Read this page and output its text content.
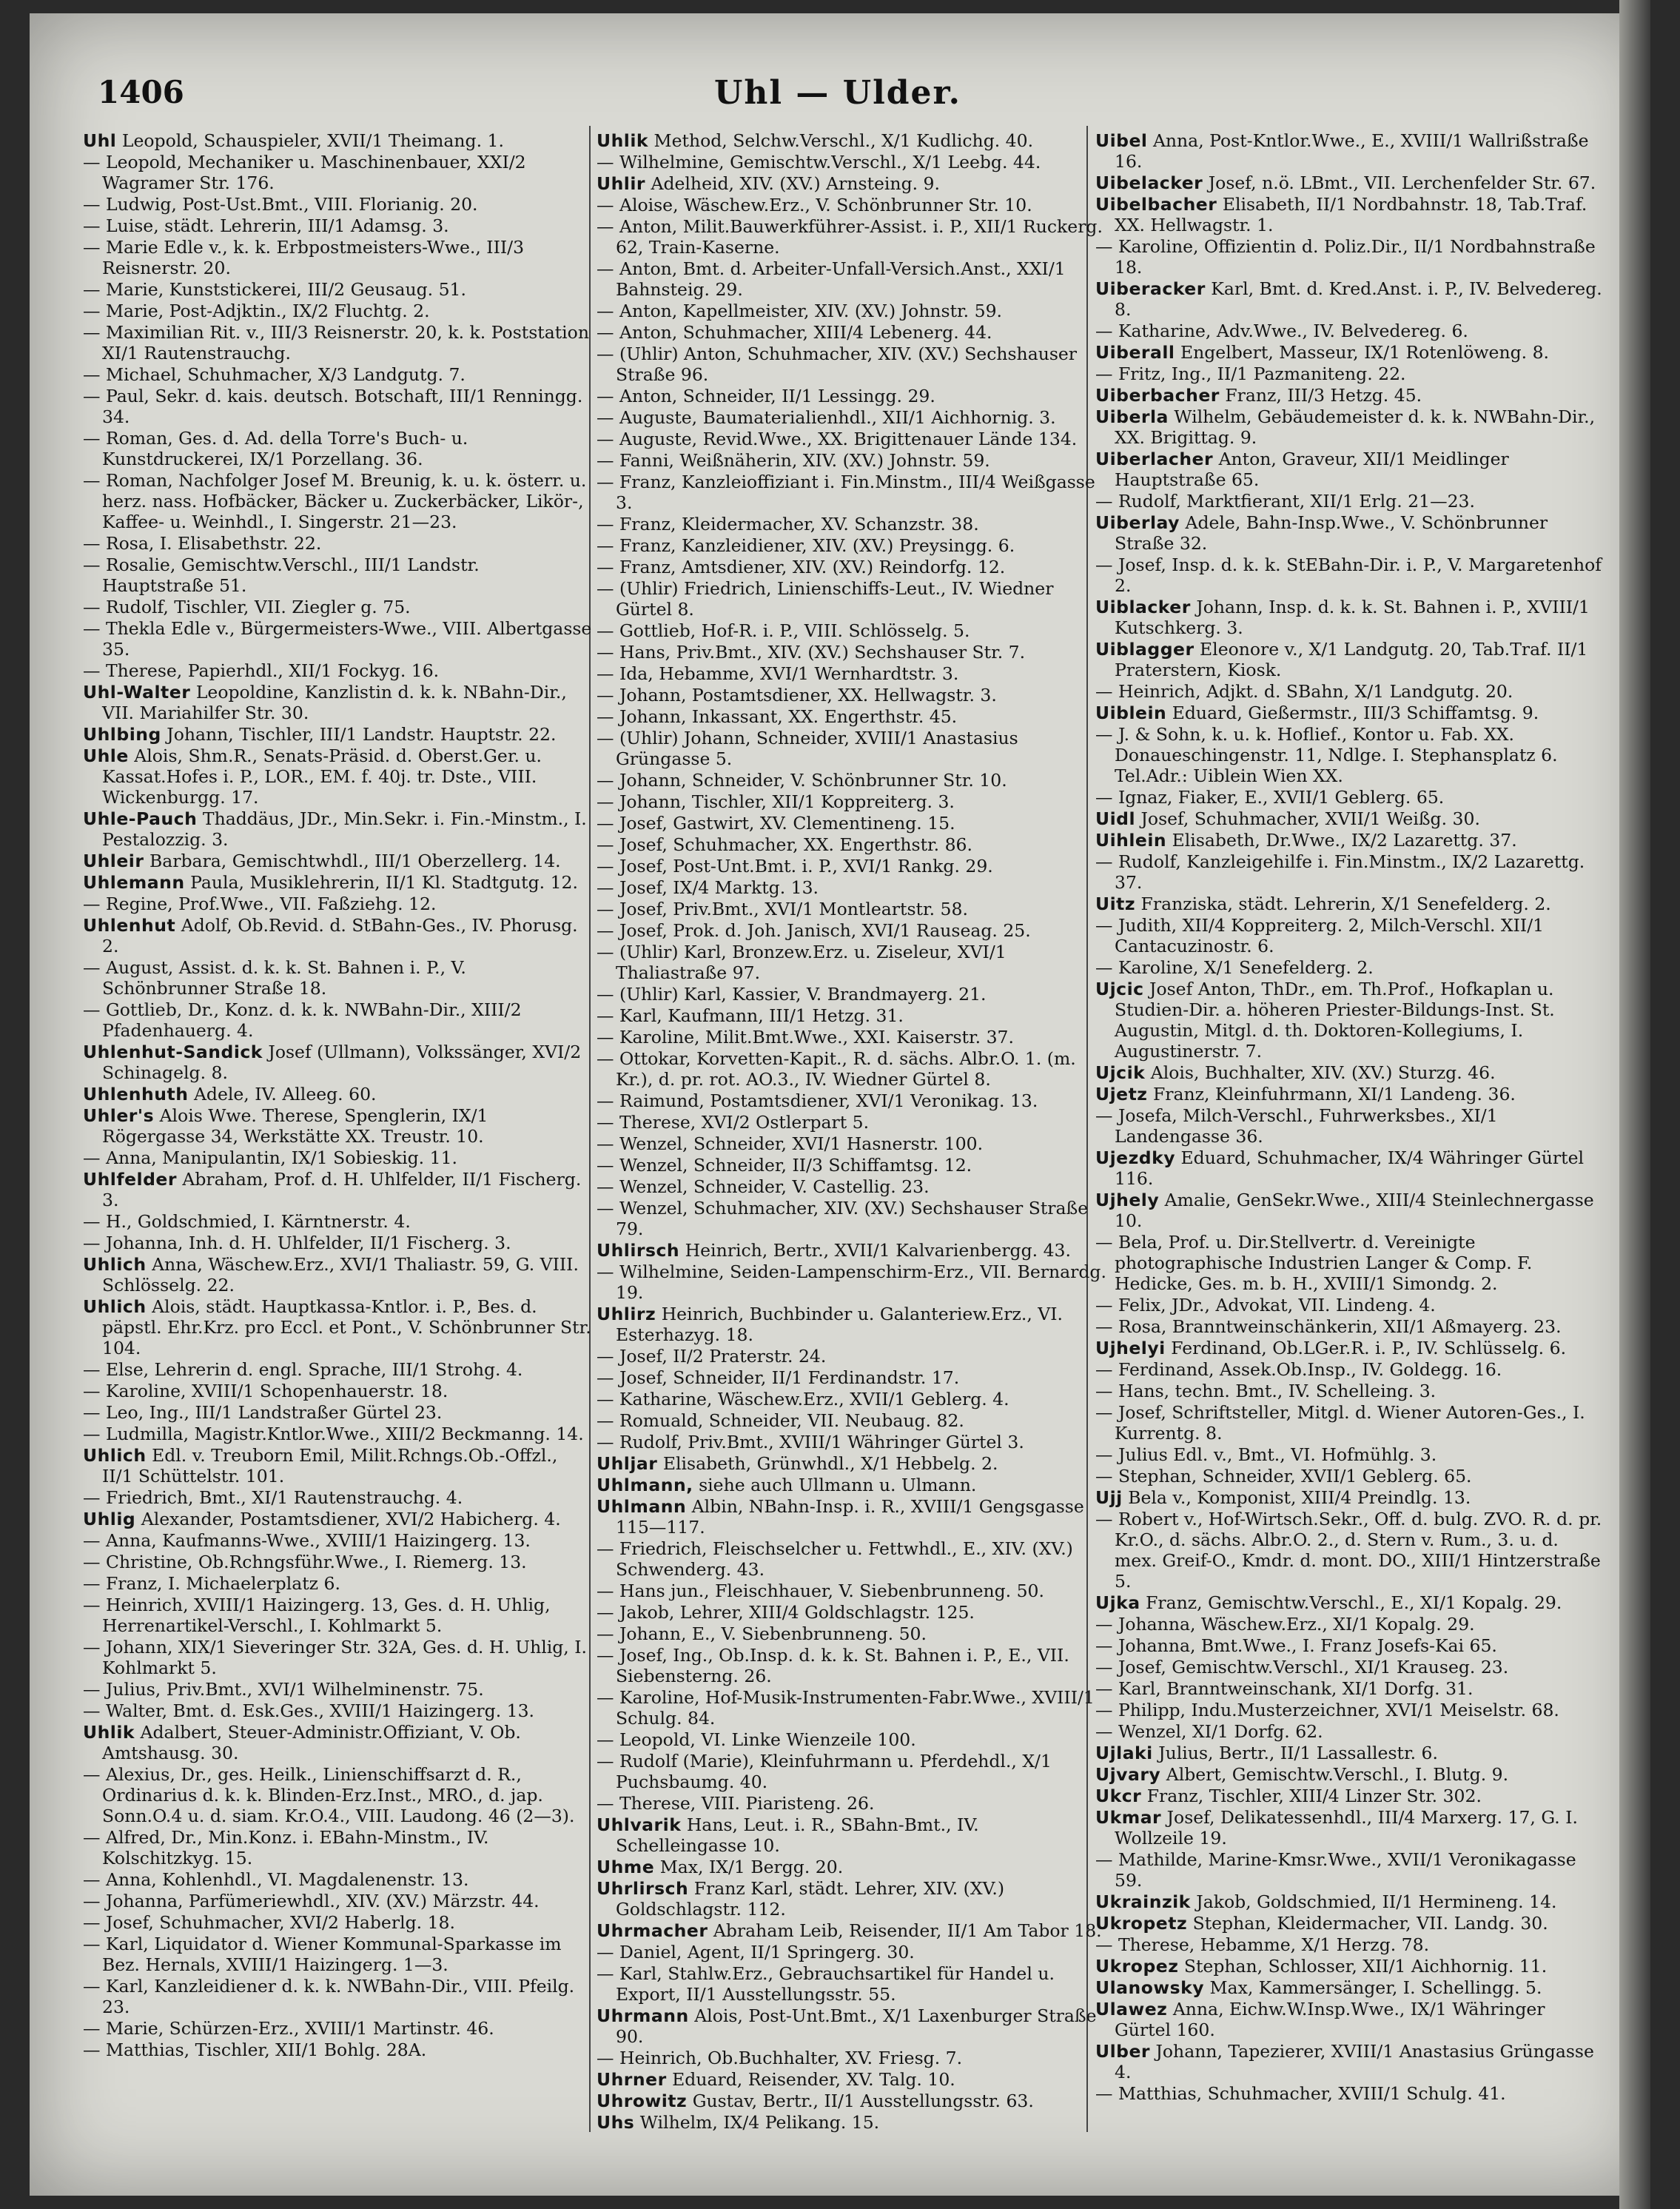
1406	Uhl — Ulder.
Uhl Leopold, Schauspieler, XVII/1 Theimang. 1.
— Leopold, Mechaniker u. Maschinenbauer, XXI/2 Wagramer Str. 176.
— Ludwig, Post-Ust.Bmt., VIII. Florianig. 20.
— Luise, städt. Lehrerin, III/1 Adamsg. 3.
— Marie Edle v., k. k. Erbpostmeisters-Wwe., III/3 Reisnerstr. 20.
— Marie, Kunststickerei, III/2 Geusaug. 51.
— Marie, Post-Adjktin., IX/2 Fluchtg. 2.
— Maximilian Rit. v., III/3 Reisnerstr. 20, k. k. Poststation XI/1 Rautenstrauchg.
— Michael, Schuhmacher, X/3 Landgutg. 7.
— Paul, Sekr. d. kais. deutsch. Botschaft, III/1 Renningg. 34.
— Roman, Ges. d. Ad. della Torre's Buch- u. Kunstdruckerei, IX/1 Porzellang. 36.
— Roman, Nachfolger Josef M. Breunig, k. u. k. österr. u. herz. nass. Hofbäcker, Bäcker u. Zuckerbäcker, Likör-, Kaffee- u. Weinhdl., I. Singerstr. 21—23.
— Rosa, I. Elisabethstr. 22.
— Rosalie, Gemischtw.Verschl., III/1 Landstr. Hauptstraße 51.
— Rudolf, Tischler, VII. Ziegler g. 75.
— Thekla Edle v., Bürgermeisters-Wwe., VIII. Albertgasse 35.
— Therese, Papierhdl., XII/1 Fockyg. 16.
Uhl-Walter Leopoldine, Kanzlistin d. k. k. NBahn-Dir., VII. Mariahilfer Str. 30.
Uhlbing Johann, Tischler, III/1 Landstr. Hauptstr. 22.
Uhle Alois, Shm.R., Senats-Präsid. d. Oberst.Ger. u. Kassat.Hofes i. P., LOR., EM. f. 40j. tr. Dste., VIII. Wickenburgg. 17.
Uhle-Pauch Thaddäus, JDr., Min.Sekr. i. Fin.-Minstm., I. Pestalozzig. 3.
Uhleir Barbara, Gemischtwhdl., III/1 Oberzellerg. 14.
Uhlemann Paula, Musiklehrerin, II/1 Kl. Stadtgutg. 12.
— Regine, Prof.Wwe., VII. Faßziehg. 12.
Uhlenhut Adolf, Ob.Revid. d. StBahn-Ges., IV. Phorusg. 2.
— August, Assist. d. k. k. St. Bahnen i. P., V. Schönbrunner Straße 18.
— Gottlieb, Dr., Konz. d. k. k. NWBahn-Dir., XIII/2 Pfadenhauerg. 4.
Uhlenhut-Sandick Josef (Ullmann), Volkssänger, XVI/2 Schinagelg. 8.
Uhlenhuth Adele, IV. Alleeg. 60.
Uhler's Alois Wwe. Therese, Spenglerin, IX/1 Rögergasse 34, Werkstätte XX. Treustr. 10.
— Anna, Manipulantin, IX/1 Sobieskig. 11.
Uhlfelder Abraham, Prof. d. H. Uhlfelder, II/1 Fischerg. 3.
— H., Goldschmied, I. Kärntnerstr. 4.
— Johanna, Inh. d. H. Uhlfelder, II/1 Fischerg. 3.
Uhlich Anna, Wäschew.Erz., XVI/1 Thaliastr. 59, G. VIII. Schlösselg. 22.
Uhlich Alois, städt. Hauptkassa-Kntlor. i. P., Bes. d. päpstl. Ehr.Krz. pro Eccl. et Pont., V. Schönbrunner Str. 104.
— Else, Lehrerin d. engl. Sprache, III/1 Strohg. 4.
— Karoline, XVIII/1 Schopenhauerstr. 18.
— Leo, Ing., III/1 Landstraßer Gürtel 23.
— Ludmilla, Magistr.Kntlor.Wwe., XIII/2 Beckmanng. 14.
Uhlich Edl. v. Treuborn Emil, Milit.Rchngs.Ob.-Offzl., II/1 Schüttelstr. 101.
— Friedrich, Bmt., XI/1 Rautenstrauchg. 4.
Uhlig Alexander, Postamtsdiener, XVI/2 Habicherg. 4.
— Anna, Kaufmanns-Wwe., XVIII/1 Haizingerg. 13.
— Christine, Ob.Rchngsführ.Wwe., I. Riemerg. 13.
— Franz, I. Michaelerplatz 6.
— Heinrich, XVIII/1 Haizingerg. 13, Ges. d. H. Uhlig, Herrenartikel-Verschl., I. Kohlmarkt 5.
— Johann, XIX/1 Sieveringer Str. 32A, Ges. d. H. Uhlig, I. Kohlmarkt 5.
— Julius, Priv.Bmt., XVI/1 Wilhelminenstr. 75.
— Walter, Bmt. d. Esk.Ges., XVIII/1 Haizingerg. 13.
Uhlik Adalbert, Steuer-Administr.Offiziant, V. Ob. Amtshausg. 30.
— Alexius, Dr., ges. Heilk., Linienschiffsarzt d. R., Ordinarius d. k. k. Blinden-Erz.Inst., MRO., d. jap. Sonn.O.4 u. d. siam. Kr.O.4., VIII. Laudong. 46 (2—3).
— Alfred, Dr., Min.Konz. i. EBahn-Minstm., IV. Kolschitzkyg. 15.
— Anna, Kohlenhdl., VI. Magdalenenstr. 13.
— Johanna, Parfümeriewhdl., XIV. (XV.) Märzstr. 44.
— Josef, Schuhmacher, XVI/2 Haberlg. 18.
— Karl, Liquidator d. Wiener Kommunal-Sparkasse im Bez. Hernals, XVIII/1 Haizingerg. 1—3.
— Karl, Kanzleidiener d. k. k. NWBahn-Dir., VIII. Pfeilg. 23.
— Marie, Schürzen-Erz., XVIII/1 Martinstr. 46.
— Matthias, Tischler, XII/1 Bohlg. 28A.
Uhlik Method, Selchw.Verschl., X/1 Kudlichg. 40.
— Wilhelmine, Gemischtw.Verschl., X/1 Leebg. 44.
Uhlir Adelheid, XIV. (XV.) Arnsteing. 9.
— Aloise, Wäschew.Erz., V. Schönbrunner Str. 10.
— Anton, Milit.Bauwerkführer-Assist. i. P., XII/1 Ruckerg. 62, Train-Kaserne.
— Anton, Bmt. d. Arbeiter-Unfall-Versich.Anst., XXI/1 Bahnsteig. 29.
— Anton, Kapellmeister, XIV. (XV.) Johnstr. 59.
— Anton, Schuhmacher, XIII/4 Lebenerg. 44.
— (Uhlir) Anton, Schuhmacher, XIV. (XV.) Sechshauser Straße 96.
— Anton, Schneider, II/1 Lessingg. 29.
— Auguste, Baumaterialienhdl., XII/1 Aichhornig. 3.
— Auguste, Revid.Wwe., XX. Brigittenauer Lände 134.
— Fanni, Weißnäherin, XIV. (XV.) Johnstr. 59.
— Franz, Kanzleioffiziant i. Fin.Minstm., III/4 Weißgasse 3.
— Franz, Kleidermacher, XV. Schanzstr. 38.
— Franz, Kanzleidiener, XIV. (XV.) Preysingg. 6.
— Franz, Amtsdiener, XIV. (XV.) Reindorfg. 12.
— (Uhlir) Friedrich, Linienschiffs-Leut., IV. Wiedner Gürtel 8.
— Gottlieb, Hof-R. i. P., VIII. Schlösselg. 5.
— Hans, Priv.Bmt., XIV. (XV.) Sechshauser Str. 7.
— Ida, Hebamme, XVI/1 Wernhardtstr. 3.
— Johann, Postamtsdiener, XX. Hellwagstr. 3.
— Johann, Inkassant, XX. Engerthstr. 45.
— (Uhlir) Johann, Schneider, XVIII/1 Anastasius Grüngasse 5.
— Johann, Schneider, V. Schönbrunner Str. 10.
— Johann, Tischler, XII/1 Koppreiterg. 3.
— Josef, Gastwirt, XV. Clementineng. 15.
— Josef, Schuhmacher, XX. Engerthstr. 86.
— Josef, Post-Unt.Bmt. i. P., XVI/1 Rankg. 29.
— Josef, IX/4 Marktg. 13.
— Josef, Priv.Bmt., XVI/1 Montleartstr. 58.
— Josef, Prok. d. Joh. Janisch, XVI/1 Rauseag. 25.
— (Uhlir) Karl, Bronzew.Erz. u. Ziseleur, XVI/1 Thaliastraße 97.
— (Uhlir) Karl, Kassier, V. Brandmayerg. 21.
— Karl, Kaufmann, III/1 Hetzg. 31.
— Karoline, Milit.Bmt.Wwe., XXI. Kaiserstr. 37.
— Ottokar, Korvetten-Kapit., R. d. sächs. Albr.O. 1. (m. Kr.), d. pr. rot. AO.3., IV. Wiedner Gürtel 8.
— Raimund, Postamtsdiener, XVI/1 Veronikag. 13.
— Therese, XVI/2 Ostlerpart 5.
— Wenzel, Schneider, XVI/1 Hasnerstr. 100.
— Wenzel, Schneider, II/3 Schiffamtsg. 12.
— Wenzel, Schneider, V. Castellig. 23.
— Wenzel, Schuhmacher, XIV. (XV.) Sechshauser Straße 79.
Uhlirsch Heinrich, Bertr., XVII/1 Kalvarienbergg. 43.
— Wilhelmine, Seiden-Lampenschirm-Erz., VII. Bernardg. 19.
Uhlirz Heinrich, Buchbinder u. Galanteriew.Erz., VI. Esterhazyg. 18.
— Josef, II/2 Praterstr. 24.
— Josef, Schneider, II/1 Ferdinandstr. 17.
— Katharine, Wäschew.Erz., XVII/1 Geblerg. 4.
— Romuald, Schneider, VII. Neubaug. 82.
— Rudolf, Priv.Bmt., XVIII/1 Währinger Gürtel 3.
Uhljar Elisabeth, Grünwhdl., X/1 Hebbelg. 2.
Uhlmann, siehe auch Ullmann u. Ulmann.
Uhlmann Albin, NBahn-Insp. i. R., XVIII/1 Gengsgasse 115—117.
— Friedrich, Fleischselcher u. Fettwhdl., E., XIV. (XV.) Schwenderg. 43.
— Hans jun., Fleischhauer, V. Siebenbrunneng. 50.
— Jakob, Lehrer, XIII/4 Goldschlagstr. 125.
— Johann, E., V. Siebenbrunneng. 50.
— Josef, Ing., Ob.Insp. d. k. k. St. Bahnen i. P., E., VII. Siebensterng. 26.
— Karoline, Hof-Musik-Instrumenten-Fabr.Wwe., XVIII/1 Schulg. 84.
— Leopold, VI. Linke Wienzeile 100.
— Rudolf (Marie), Kleinfuhrmann u. Pferdehdl., X/1 Puchsbaumg. 40.
— Therese, VIII. Piaristeng. 26.
Uhlvarik Hans, Leut. i. R., SBahn-Bmt., IV. Schelleingasse 10.
Uhme Max, IX/1 Bergg. 20.
Uhrlirsch Franz Karl, städt. Lehrer, XIV. (XV.) Goldschlagstr. 112.
Uhrmacher Abraham Leib, Reisender, II/1 Am Tabor 18.
— Daniel, Agent, II/1 Springerg. 30.
— Karl, Stahlw.Erz., Gebrauchsartikel für Handel u. Export, II/1 Ausstellungsstr. 55.
Uhrmann Alois, Post-Unt.Bmt., X/1 Laxenburger Straße 90.
— Heinrich, Ob.Buchhalter, XV. Friesg. 7.
Uhrner Eduard, Reisender, XV. Talg. 10.
Uhrowitz Gustav, Bertr., II/1 Ausstellungsstr. 63.
Uhs Wilhelm, IX/4 Pelikang. 15.
Uibel Anna, Post-Kntlor.Wwe., E., XVIII/1 Wallrißstraße 16.
Uibelacker Josef, n.ö. LBmt., VII. Lerchenfelder Str. 67.
Uibelbacher Elisabeth, II/1 Nordbahnstr. 18, Tab.Traf. XX. Hellwagstr. 1.
— Karoline, Offizientin d. Poliz.Dir., II/1 Nordbahnstraße 18.
Uiberacker Karl, Bmt. d. Kred.Anst. i. P., IV. Belvedereg. 8.
— Katharine, Adv.Wwe., IV. Belvedereg. 6.
Uiberall Engelbert, Masseur, IX/1 Rotenlöweng. 8.
— Fritz, Ing., II/1 Pazmaniteng. 22.
Uiberbacher Franz, III/3 Hetzg. 45.
Uiberla Wilhelm, Gebäudemeister d. k. k. NWBahn-Dir., XX. Brigittag. 9.
Uiberlacher Anton, Graveur, XII/1 Meidlinger Hauptstraße 65.
— Rudolf, Marktfierant, XII/1 Erlg. 21—23.
Uiberlay Adele, Bahn-Insp.Wwe., V. Schönbrunner Straße 32.
— Josef, Insp. d. k. k. StEBahn-Dir. i. P., V. Margaretenhof 2.
Uiblacker Johann, Insp. d. k. k. St. Bahnen i. P., XVIII/1 Kutschkerg. 3.
Uiblagger Eleonore v., X/1 Landgutg. 20, Tab.Traf. II/1 Praterstern, Kiosk.
— Heinrich, Adjkt. d. SBahn, X/1 Landgutg. 20.
Uiblein Eduard, Gießermstr., III/3 Schiffamtsg. 9.
— J. & Sohn, k. u. k. Hoflief., Kontor u. Fab. XX. Donaueschingenstr. 11, Ndlge. I. Stephansplatz 6. Tel.Adr.: Uiblein Wien XX.
— Ignaz, Fiaker, E., XVII/1 Geblerg. 65.
Uidl Josef, Schuhmacher, XVII/1 Weißg. 30.
Uihlein Elisabeth, Dr.Wwe., IX/2 Lazarettg. 37.
— Rudolf, Kanzleigehilfe i. Fin.Minstm., IX/2 Lazarettg. 37.
Uitz Franziska, städt. Lehrerin, X/1 Senefelderg. 2.
— Judith, XII/4 Koppreiterg. 2, Milch-Verschl. XII/1 Cantacuzinostr. 6.
— Karoline, X/1 Senefelderg. 2.
Ujcic Josef Anton, ThDr., em. Th.Prof., Hofkaplan u. Studien-Dir. a. höheren Priester-Bildungs-Inst. St. Augustin, Mitgl. d. th. Doktoren-Kollegiums, I. Augustinerstr. 7.
Ujcik Alois, Buchhalter, XIV. (XV.) Sturzg. 46.
Ujetz Franz, Kleinfuhrmann, XI/1 Landeng. 36.
— Josefa, Milch-Verschl., Fuhrwerksbes., XI/1 Landengasse 36.
Ujezdky Eduard, Schuhmacher, IX/4 Währinger Gürtel 116.
Ujhely Amalie, GenSekr.Wwe., XIII/4 Steinlechnergasse 10.
— Bela, Prof. u. Dir.Stellvertr. d. Vereinigte photographische Industrien Langer & Comp. F. Hedicke, Ges. m. b. H., XVIII/1 Simondg. 2.
— Felix, JDr., Advokat, VII. Lindeng. 4.
— Rosa, Branntweinschänkerin, XII/1 Aßmayerg. 23.
Ujhelyi Ferdinand, Ob.LGer.R. i. P., IV. Schlüsselg. 6.
— Ferdinand, Assek.Ob.Insp., IV. Goldegg. 16.
— Hans, techn. Bmt., IV. Schelleing. 3.
— Josef, Schriftsteller, Mitgl. d. Wiener Autoren-Ges., I. Kurrentg. 8.
— Julius Edl. v., Bmt., VI. Hofmühlg. 3.
— Stephan, Schneider, XVII/1 Geblerg. 65.
Ujj Bela v., Komponist, XIII/4 Preindlg. 13.
— Robert v., Hof-Wirtsch.Sekr., Off. d. bulg. ZVO. R. d. pr. Kr.O., d. sächs. Albr.O. 2., d. Stern v. Rum., 3. u. d. mex. Greif-O., Kmdr. d. mont. DO., XIII/1 Hintzerstraße 5.
Ujka Franz, Gemischtw.Verschl., E., XI/1 Kopalg. 29.
— Johanna, Wäschew.Erz., XI/1 Kopalg. 29.
— Johanna, Bmt.Wwe., I. Franz Josefs-Kai 65.
— Josef, Gemischtw.Verschl., XI/1 Krauseg. 23.
— Karl, Branntweinschank, XI/1 Dorfg. 31.
— Philipp, Indu.Musterzeichner, XVI/1 Meiselstr. 68.
— Wenzel, XI/1 Dorfg. 62.
Ujlaki Julius, Bertr., II/1 Lassallestr. 6.
Ujvary Albert, Gemischtw.Verschl., I. Blutg. 9.
Ukcr Franz, Tischler, XIII/4 Linzer Str. 302.
Ukmar Josef, Delikatessenhdl., III/4 Marxerg. 17, G. I. Wollzeile 19.
— Mathilde, Marine-Kmsr.Wwe., XVII/1 Veronikagasse 59.
Ukrainzik Jakob, Goldschmied, II/1 Hermineng. 14.
Ukropetz Stephan, Kleidermacher, VII. Landg. 30.
— Therese, Hebamme, X/1 Herzg. 78.
Ukropez Stephan, Schlosser, XII/1 Aichhornig. 11.
Ulanowsky Max, Kammersänger, I. Schellingg. 5.
Ulawez Anna, Eichw.W.Insp.Wwe., IX/1 Währinger Gürtel 160.
Ulber Johann, Tapezierer, XVIII/1 Anastasius Grüngasse 4.
— Matthias, Schuhmacher, XVIII/1 Schulg. 41.
